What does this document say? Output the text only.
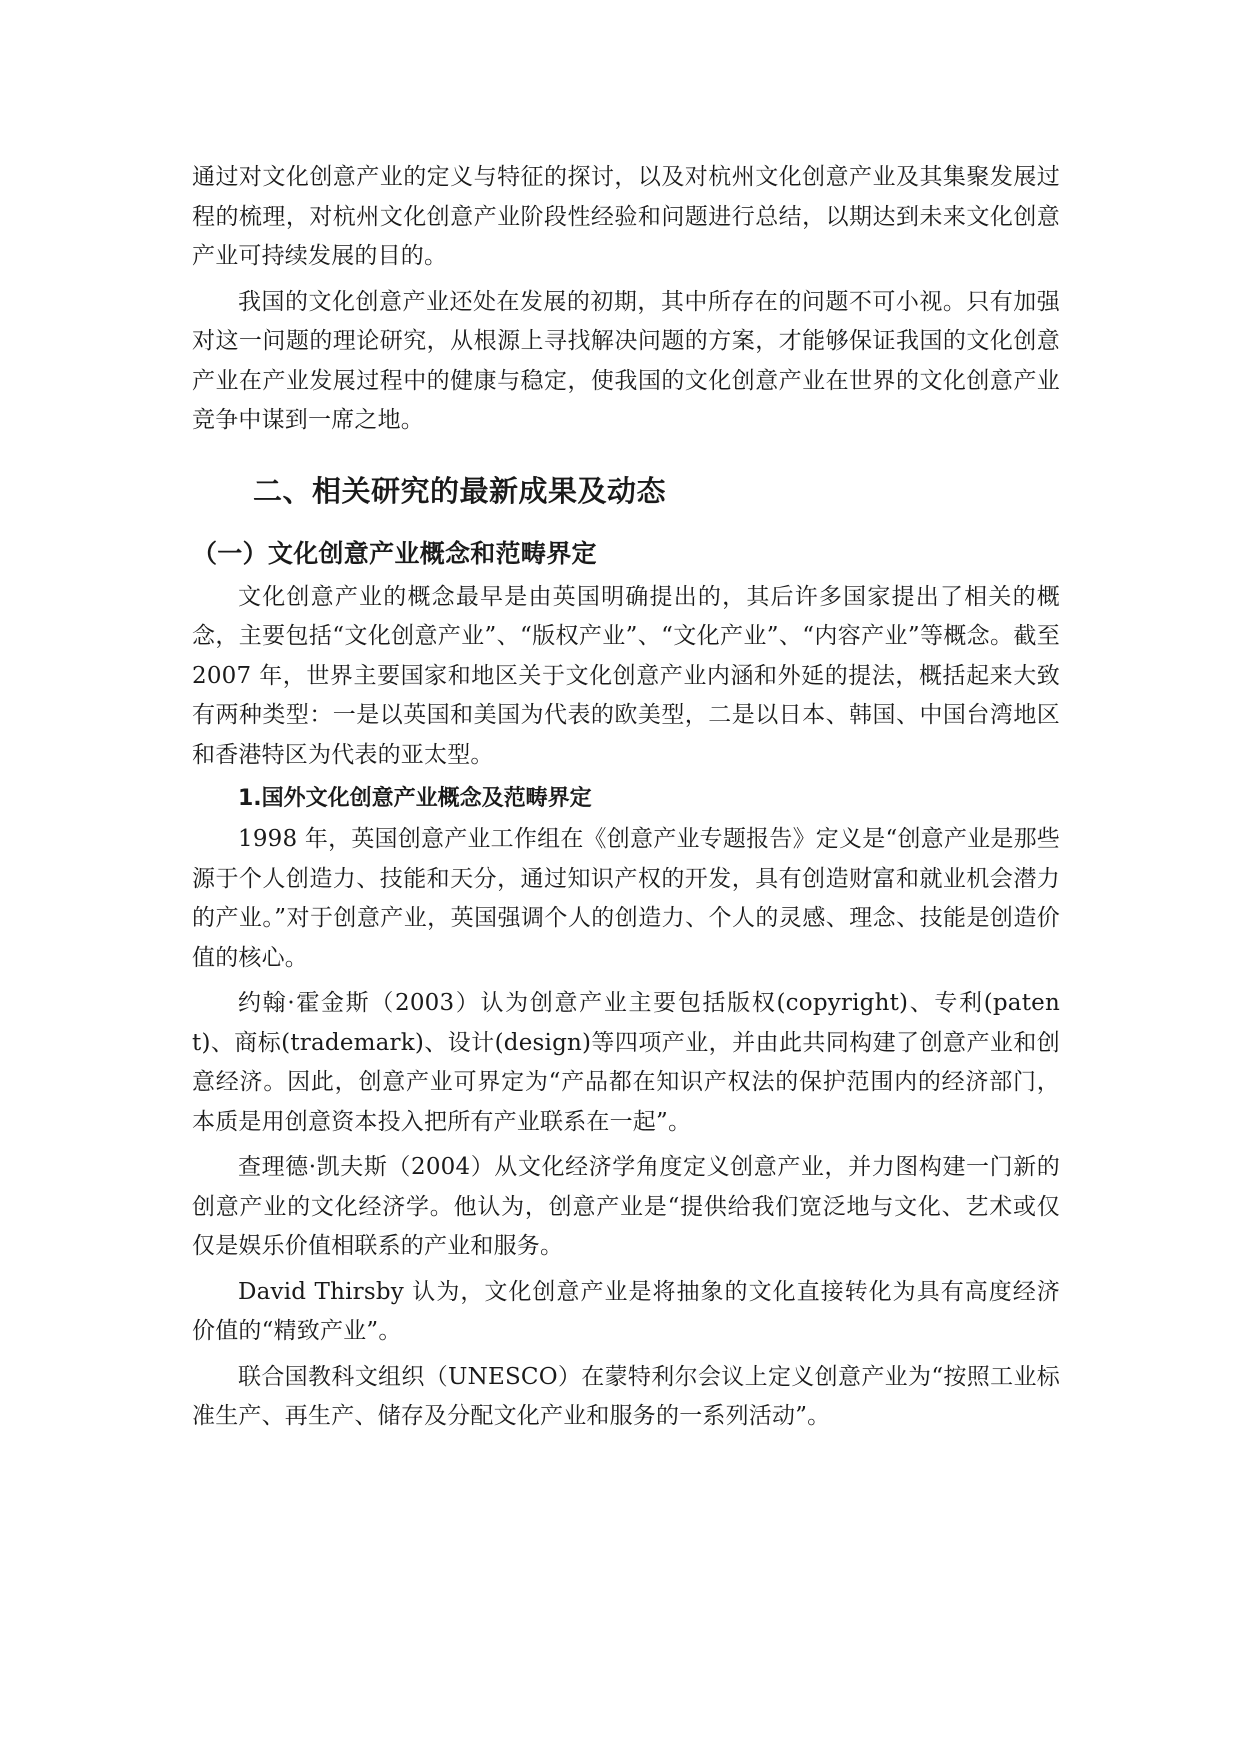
通过对文化创意产业的定义与特征的探讨，以及对杭州文化创意产业及其集聚发展过程的梳理，对杭州文化创意产业阶段性经验和问题进行总结，以期达到未来文化创意产业可持续发展的目的。

我国的文化创意产业还处在发展的初期，其中所存在的问题不可小视。只有加强对这一问题的理论研究，从根源上寻找解决问题的方案，才能够保证我国的文化创意产业在产业发展过程中的健康与稳定，使我国的文化创意产业在世界的文化创意产业竞争中谋到一席之地。

二、相关研究的最新成果及动态
（一）文化创意产业概念和范畴界定

文化创意产业的概念最早是由英国明确提出的，其后许多国家提出了相关的概念，主要包括“文化创意产业”、“版权产业”、“文化产业”、“内容产业”等概念。截至 2007 年，世界主要国家和地区关于文化创意产业内涵和外延的提法，概括起来大致有两种类型：一是以英国和美国为代表的欧美型，二是以日本、韩国、中国台湾地区和香港特区为代表的亚太型。

1.国外文化创意产业概念及范畴界定

1998 年，英国创意产业工作组在《创意产业专题报告》定义是“创意产业是那些源于个人创造力、技能和天分，通过知识产权的开发，具有创造财富和就业机会潜力的产业。”对于创意产业，英国强调个人的创造力、个人的灵感、理念、技能是创造价值的核心。

约翰·霍金斯（2003）认为创意产业主要包括版权(copyright)、专利(patent)、商标(trademark)、设计(design)等四项产业，并由此共同构建了创意产业和创意经济。因此，创意产业可界定为“产品都在知识产权法的保护范围内的经济部门，本质是用创意资本投入把所有产业联系在一起”。

查理德·凯夫斯（2004）从文化经济学角度定义创意产业，并力图构建一门新的创意产业的文化经济学。他认为，创意产业是“提供给我们宽泛地与文化、艺术或仅仅是娱乐价值相联系的产业和服务。

David Thirsby 认为，文化创意产业是将抽象的文化直接转化为具有高度经济价值的“精致产业”。

联合国教科文组织（UNESCO）在蒙特利尔会议上定义创意产业为“按照工业标准生产、再生产、储存及分配文化产业和服务的一系列活动”。
